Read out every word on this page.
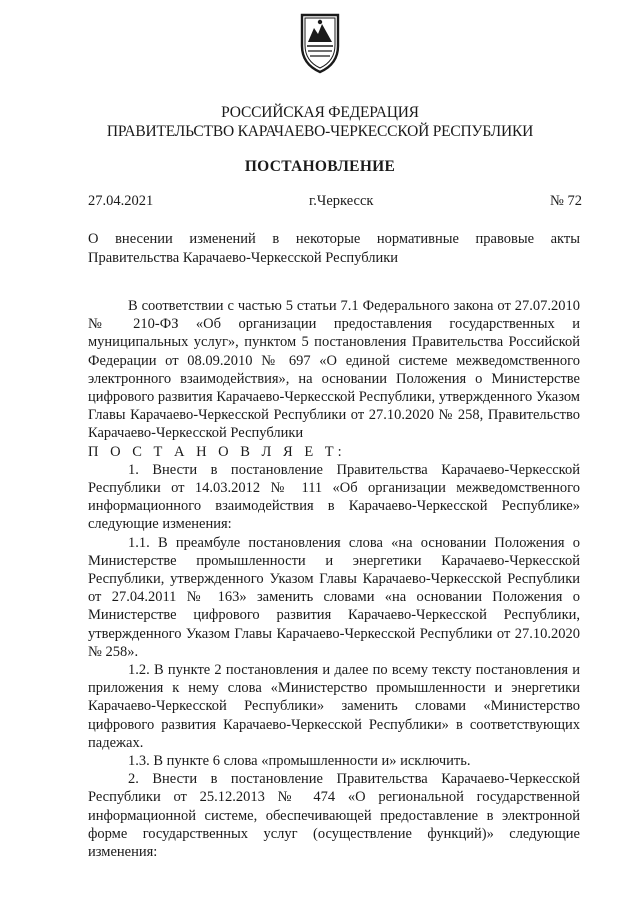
РОССИЙСКАЯ ФЕДЕРАЦИЯ
ПРАВИТЕЛЬСТВО КАРАЧАЕВО-ЧЕРКЕССКОЙ РЕСПУБЛИКИ
ПОСТАНОВЛЕНИЕ
27.04.2021	г.Черкесск	№ 72
О внесении изменений в некоторые нормативные правовые акты Правительства Карачаево-Черкесской Республики

В соответствии с частью 5 статьи 7.1 Федерального закона от 27.07.2010 № 210-ФЗ «Об организации предоставления государственных и муниципальных услуг», пунктом 5 постановления Правительства Российской Федерации от 08.09.2010 № 697 «О единой системе межведомственного электронного взаимодействия», на основании Положения о Министерстве цифрового развития Карачаево-Черкесской Республики, утвержденного Указом Главы Карачаево-Черкесской Республики от 27.10.2020 № 258, Правительство Карачаево-Черкесской Республики

П О С Т А Н О В Л Я Е Т:

1. Внести в постановление Правительства Карачаево-Черкесской Республики от 14.03.2012 № 111 «Об организации межведомственного информационного взаимодействия в Карачаево-Черкесской Республике» следующие изменения:

1.1. В преамбуле постановления слова «на основании Положения о Министерстве промышленности и энергетики Карачаево-Черкесской Республики, утвержденного Указом Главы Карачаево-Черкесской Республики от 27.04.2011 № 163» заменить словами «на основании Положения о Министерстве цифрового развития Карачаево-Черкесской Республики, утвержденного Указом Главы Карачаево-Черкесской Республики от 27.10.2020 № 258».

1.2. В пункте 2 постановления и далее по всему тексту постановления и приложения к нему слова «Министерство промышленности и энергетики Карачаево-Черкесской Республики» заменить словами «Министерство цифрового развития Карачаево-Черкесской Республики» в соответствующих падежах.

1.3. В пункте 6 слова «промышленности и» исключить.

2. Внести в постановление Правительства Карачаево-Черкесской Республики от 25.12.2013 № 474 «О региональной государственной информационной системе, обеспечивающей предоставление в электронной форме государственных услуг (осуществление функций)» следующие изменения:
